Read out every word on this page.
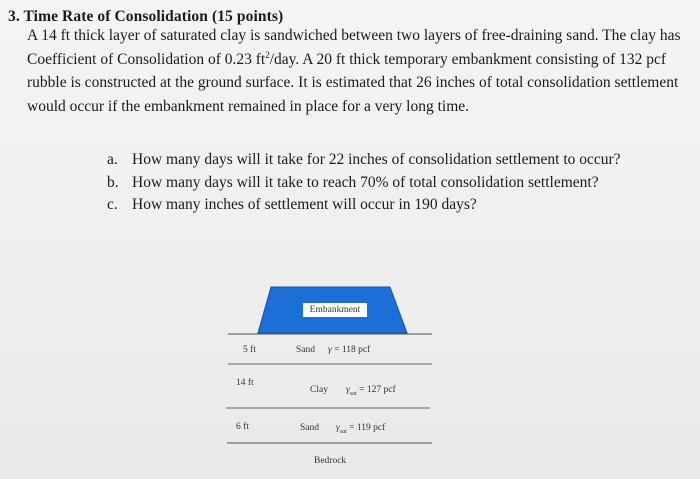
3. Time Rate of Consolidation (15 points)
A 14 ft thick layer of saturated clay is sandwiched between two layers of free-draining sand. The clay has Coefficient of Consolidation of 0.23 $ft^2$/day. A 20 ft thick temporary embankment consisting of 132 pcf rubble is constructed at the ground surface. It is estimated that 26 inches of total consolidation settlement would occur if the embankment remained in place for a very long time.
a. How many days will it take for 22 inches of consolidation settlement to occur?
b. How many days will it take to reach 70% of total consolidation settlement?
c. How many inches of settlement will occur in 190 days?
Embankment
5 ft	Sand γ = 118 pcf
14 ft
Clay $\gamma_{sat} = 127$ pcf
6 ft	Sand $\gamma_{sat} = 119$ pcf
Bedrock
